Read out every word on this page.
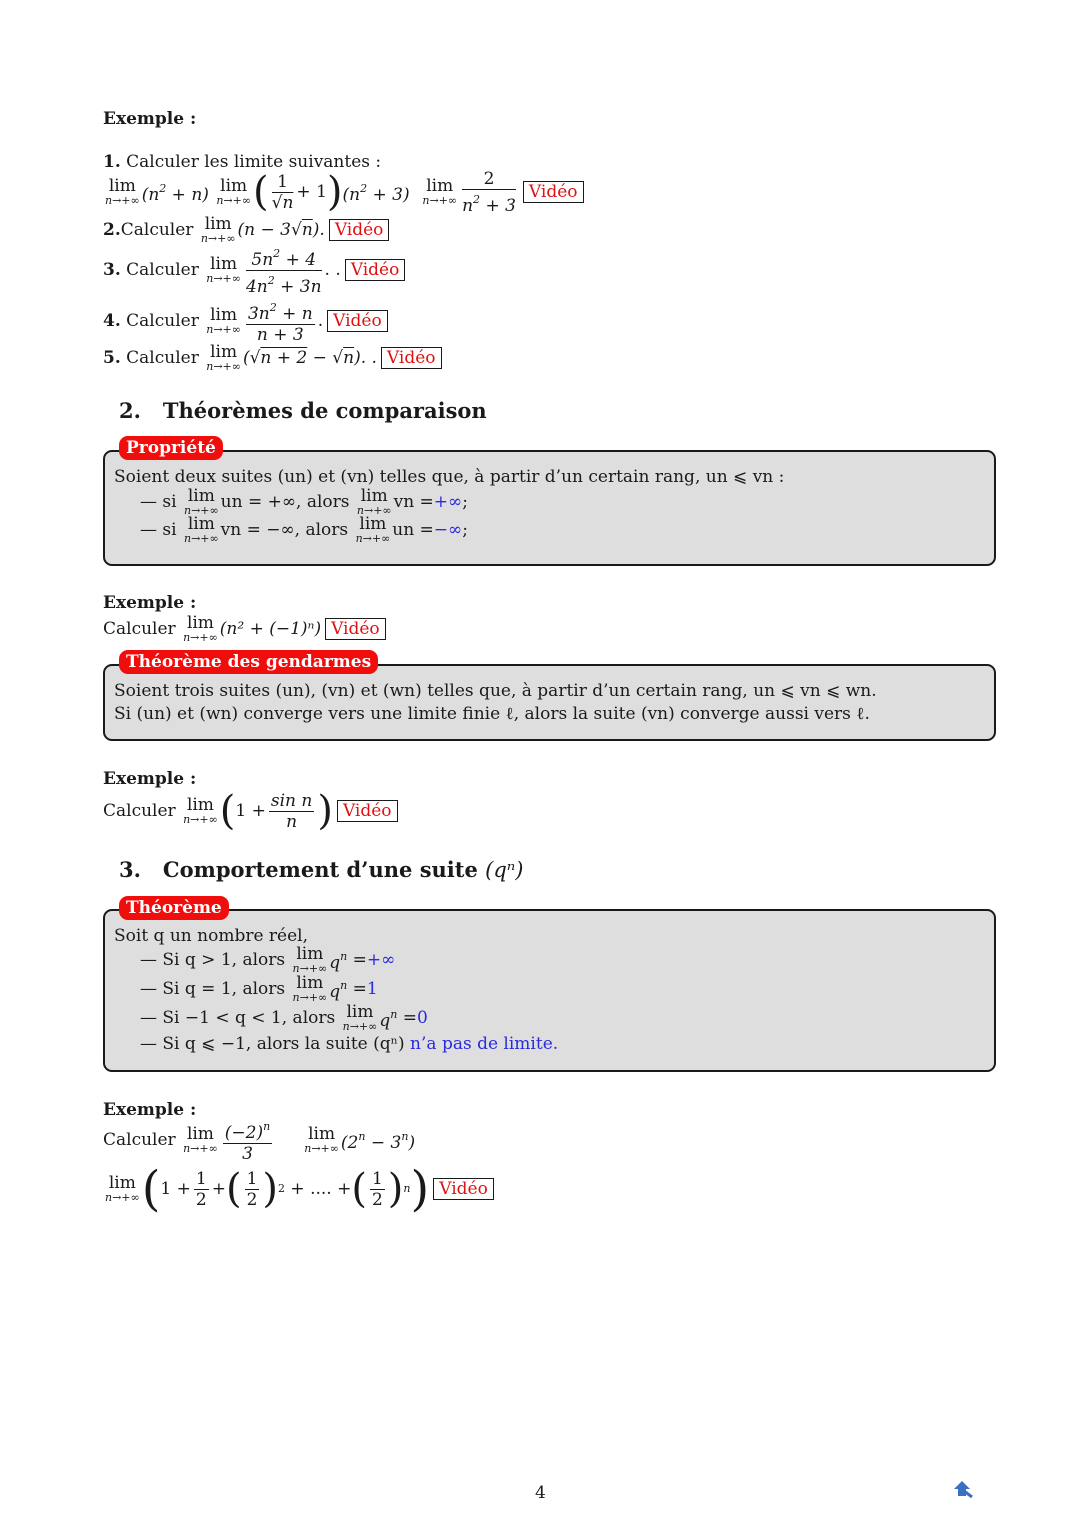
Exemple :
1. Calculer les limite suivantes :
lim
n→+∞ $(n^2 + n)$
lim
n→+∞ ( $\frac{1}{√n} + 1$ ) $(n^2 + 3)$
lim
$n\to+\infty \frac{2}{n^2 + 3}$ Vidéo
2. Calculer
lim
n→+∞ (n − 3√n). Vidéo
3.
Calculer
lim
$n\to+\infty \frac{5n^2 + 4}{4n^2 + 3n}$ . . Vidéo
4.
Calculer
lim
$n\to+\infty \frac{3n^2 + n}{n + 3}$ . Vidéo
5.
Calculer
lim
n→+∞ (√n + 2 − √n). . Vidéo
2. Théorèmes de comparaison
Soient deux suites (un) et (vn) telles que, à partir d’un certain rang, un ⩽ vn :
— si
lim
n→+∞ un = +∞, alors
lim
n→+∞ vn = +∞ ;
— si
lim
n→+∞ vn = −∞, alors
lim
n→+∞ un = −∞ ;
Propriété
Exemple :
Calculer
lim
n→+∞ (n² + (−1)ⁿ) Vidéo
Soient trois suites (un), (vn) et (wn) telles que, à partir d’un certain rang, un ⩽ vn ⩽ wn.
Si (un) et (wn) converge vers une limite finie ℓ, alors la suite (vn) converge aussi vers ℓ.
Théorème des gendarmes
Exemple :
Calculer
lim
n→+∞ ( $1 + \frac{\text{sin n}}{n}$ ) Vidéo
3. Comportement d’une suite (qⁿ)
Soit q un nombre réel,
— Si q > 1, alors
lim
n→+∞ $q^n$ = +∞
— Si q = 1, alors
lim
n→+∞ $q^n = 1$
— Si −1 < q < 1, alors
lim
n→+∞ $q^n = 0$
— Si q ⩽ −1, alors la suite (qⁿ) n’a pas de limite.
Théorème
Exemple :
Calculer
lim
$n\to+\infty \frac{(-2)^n}{3}$
lim
n→+∞ $(2^n - 3^n)$
lim
n→+∞ ( $1 + \frac{1}{2}$ + ( $\frac{1}{2}$ ) 2 + .... + ( $\frac{1}{2}$ ) n ) Vidéo
4
